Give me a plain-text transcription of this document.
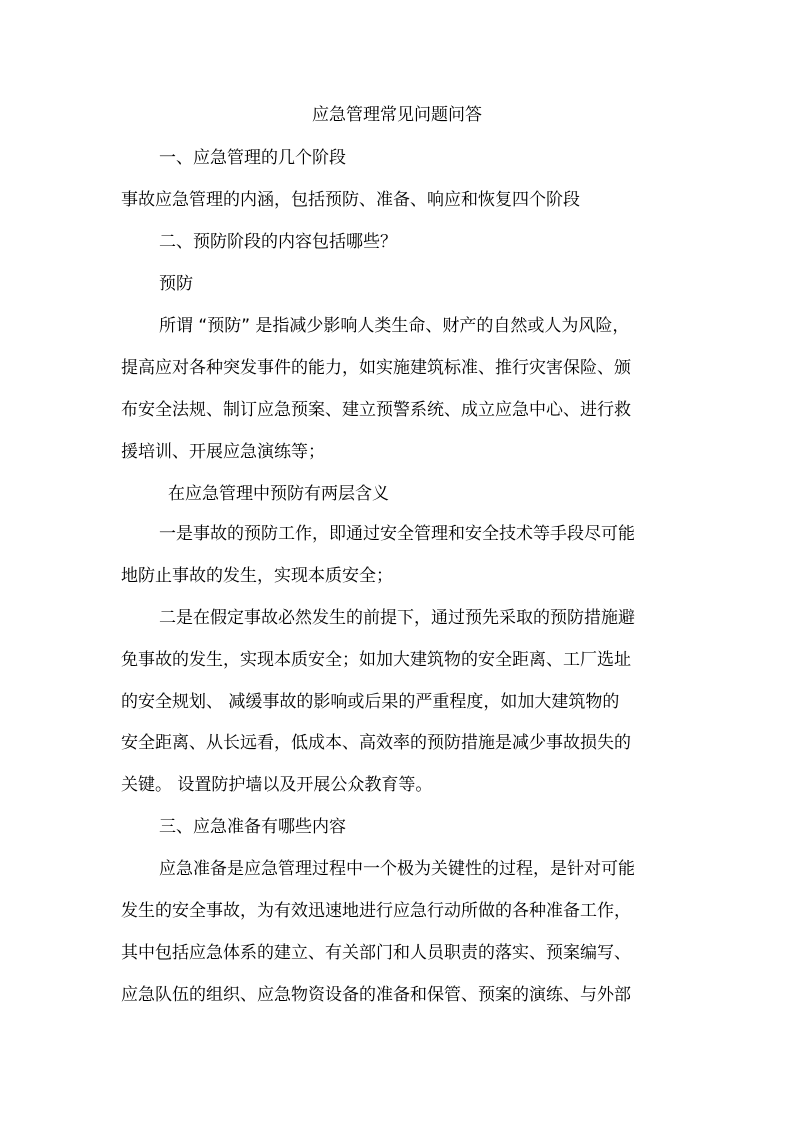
应急管理常见问题问答

一、应急管理的几个阶段

事故应急管理的内涵，包括预防、准备、响应和恢复四个阶段

二、预防阶段的内容包括哪些？

预防

所谓 “预防” 是指减少影响人类生命、财产的自然或人为风险，

提高应对各种突发事件的能力，如实施建筑标准、推行灾害保险、颁

布安全法规、制订应急预案、建立预警系统、成立应急中心、进行救

援培训、开展应急演练等；

在应急管理中预防有两层含义

一是事故的预防工作，即通过安全管理和安全技术等手段尽可能

地防止事故的发生，实现本质安全；

二是在假定事故必然发生的前提下，通过预先采取的预防措施避

免事故的发生，实现本质安全；如加大建筑物的安全距离、工厂选址

的安全规划、 减缓事故的影响或后果的严重程度，如加大建筑物的

安全距离、从长远看，低成本、高效率的预防措施是减少事故损失的

关键。 设置防护墙以及开展公众教育等。

三、应急准备有哪些内容

应急准备是应急管理过程中一个极为关键性的过程，是针对可能

发生的安全事故，为有效迅速地进行应急行动所做的各种准备工作，

其中包括应急体系的建立、有关部门和人员职责的落实、预案编写、

应急队伍的组织、应急物资设备的准备和保管、预案的演练、与外部
